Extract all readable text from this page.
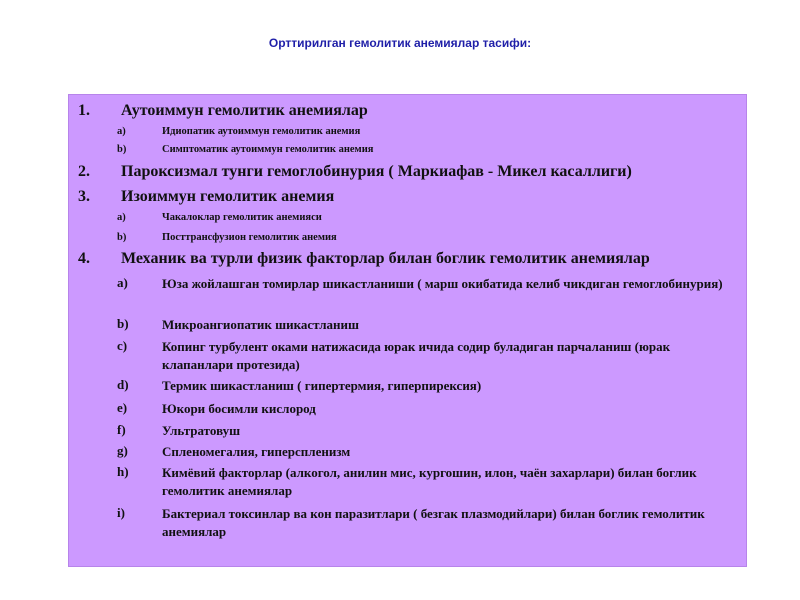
Орттирилган гемолитик анемиялар тасифи:
1. Аутоиммун гемолитик анемиялар
a)	Идиопатик аутоиммун гемолитик анемия
b)	Симптоматик аутоиммун гемолитик анемия
2. Пароксизмал тунги гемоглобинурия ( Маркиафав - Микел касаллиги)
3. Изоиммун гемолитик анемия
a)	Чакалоклар гемолитик анемияси
b)	Посттрансфузион гемолитик анемия
4. Механик ва турли физик факторлар билан боглик гемолитик анемиялар
a)	Юза жойлашган томирлар шикастланиши ( марш окибатида келиб чикдиган гемоглобинурия)
b)	Микроангиопатик шикастланиш
c)	Копинг турбулент оками натижасида юрак ичида содир буладиган парчаланиш (юрак клапанлари протезида)
d)	Термик шикастланиш ( гипертермия, гиперпирексия)
e)	Юкори босимли кислород
f)	Ультратовуш
g)	Спленомегалия, гиперспленизм
h)	Кимёвий факторлар (алкогол, анилин мис, кургошин, илон, чаён захарлари) билан боглик гемолитик анемиялар
i)	Бактериал токсинлар ва кон паразитлари ( безгак плазмодийлари) билан боглик гемолитик анемиялар
